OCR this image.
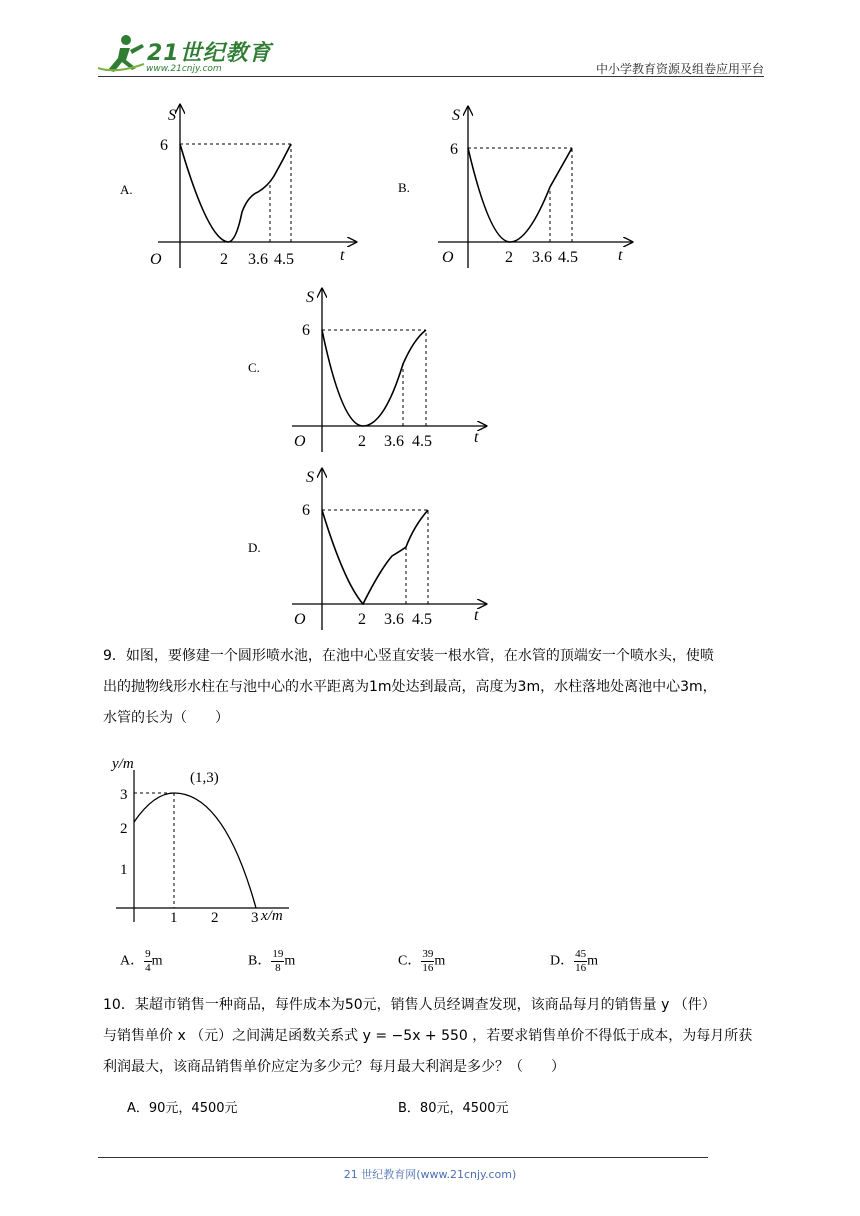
21世纪教育
www.21cnjy.com	中小学教育资源及组卷应用平台
A.
S
t
O
6
2 3.6 4.5
B.
S
t
O
6
2 3.6 4.5
C.
S
t
O
6
2 3.6 4.5
D.
S
t
O
6
2 3.6 4.5
9．如图，要修建一个圆形喷水池，在池中心竖直安装一根水管，在水管的顶端安一个喷水头，使喷
出的抛物线形水柱在与池中心的水平距离为1m处达到最高，高度为3m，水柱落地处离池中心3m，
水管的长为（　　）
y/m
x/m
(1,3)
1
2
3
1 2 3
A． $\frac{9}{4}$ m	B． $\frac{19}{8}$ m	C． $\frac{39}{16}$ m	D． $\frac{45}{16}$ m
10．某超市销售一种商品，每件成本为50元，销售人员经调查发现，该商品每月的销售量 y （件）
与销售单价 x （元）之间满足函数关系式 y = −5x + 550 ，若要求销售单价不得低于成本，为每月所获
利润最大，该商品销售单价应定为多少元？每月最大利润是多少？（　　）
A．90元，4500元	B．80元，4500元
21 世纪教育网(www.21cnjy.com)
